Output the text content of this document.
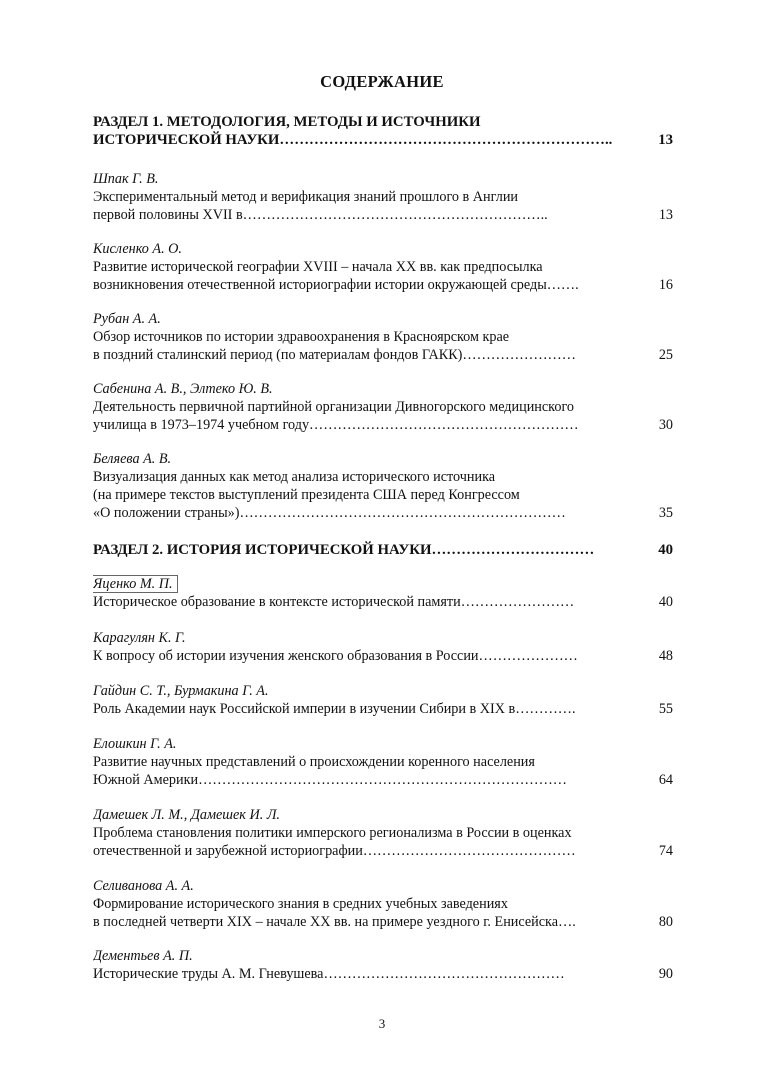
СОДЕРЖАНИЕ
РАЗДЕЛ 1. МЕТОДОЛОГИЯ, МЕТОДЫ И ИСТОЧНИКИ
ИСТОРИЧЕСКОЙ НАУКИ…………………………………………………………..	13
Шпак Г. В.
Экспериментальный метод и верификация знаний прошлого в Англии
первой половины XVII в………………………………………………………..	13
Кисленко А. О.
Развитие исторической географии XVIII – начала XX вв. как предпосылка
возникновения отечественной историографии истории окружающей среды…….	16
Рубан А. А.
Обзор источников по истории здравоохранения в Красноярском крае
в поздний сталинский период (по материалам фондов ГАКК)……………………	25
Сабенина А. В., Элтеко Ю. В.
Деятельность первичной партийной организации Дивногорского медицинского
училища в 1973–1974 учебном году…………………………………………………	30
Беляева А. В.
Визуализация данных как метод анализа исторического источника
(на примере текстов выступлений президента США перед Конгрессом
«О положении страны»)……………………………………………………………	35
РАЗДЕЛ 2. ИСТОРИЯ ИСТОРИЧЕСКОЙ НАУКИ……………………………	40
Яценко М. П.
Историческое образование в контексте исторической памяти……………………	40
Карагулян К. Г.
К вопросу об истории изучения женского образования в России…………………	48
Гайдин С. Т., Бурмакина Г. А.
Роль Академии наук Российской империи в изучении Сибири в XIX в………….	55
Елошкин Г. А.
Развитие научных представлений о происхождении коренного населения
Южной Америки……………………………………………………………………	64
Дамешек Л. М., Дамешек И. Л.
Проблема становления политики имперского регионализма в России в оценках
отечественной и зарубежной историографии………………………………………	74
Селиванова А. А.
Формирование исторического знания в средних учебных заведениях
в последней четверти XIX – начале XX вв. на примере уездного г. Енисейска….	80
Дементьев А. П.
Исторические труды А. М. Гневушева……………………………………………	90
3
